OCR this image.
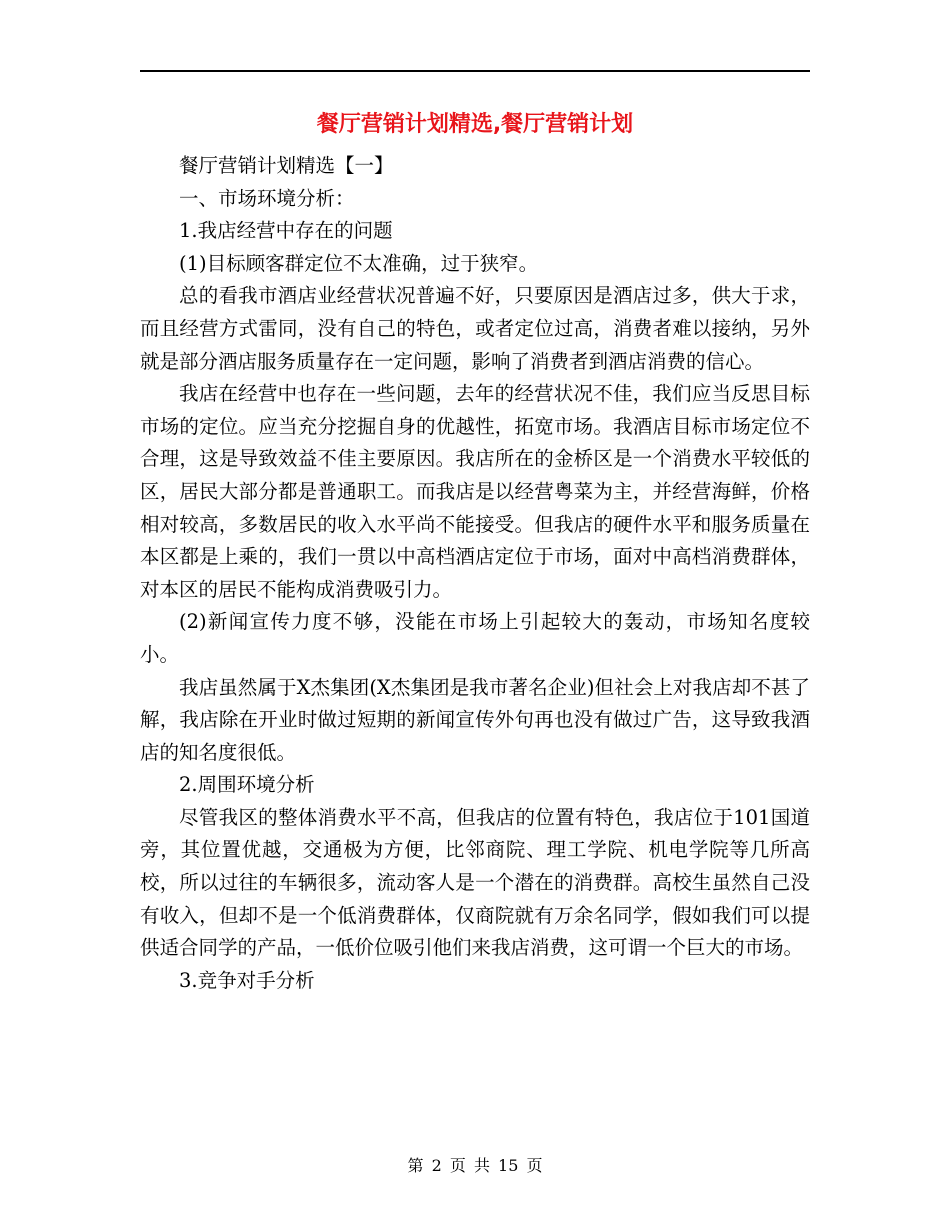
餐厅营销计划精选,餐厅营销计划

餐厅营销计划精选【一】

一、市场环境分析：

1.我店经营中存在的问题

(1)目标顾客群定位不太准确，过于狭窄。

总的看我市酒店业经营状况普遍不好，只要原因是酒店过多，供大于求，而且经营方式雷同，没有自己的特色，或者定位过高，消费者难以接纳，另外就是部分酒店服务质量存在一定问题，影响了消费者到酒店消费的信心。

我店在经营中也存在一些问题，去年的经营状况不佳，我们应当反思目标市场的定位。应当充分挖掘自身的优越性，拓宽市场。我酒店目标市场定位不合理，这是导致效益不佳主要原因。我店所在的金桥区是一个消费水平较低的区，居民大部分都是普通职工。而我店是以经营粤菜为主，并经营海鲜，价格相对较高，多数居民的收入水平尚不能接受。但我店的硬件水平和服务质量在本区都是上乘的，我们一贯以中高档酒店定位于市场，面对中高档消费群体，对本区的居民不能构成消费吸引力。

(2)新闻宣传力度不够，没能在市场上引起较大的轰动，市场知名度较小。

我店虽然属于X杰集团(X杰集团是我市著名企业)但社会上对我店却不甚了解，我店除在开业时做过短期的新闻宣传外句再也没有做过广告，这导致我酒店的知名度很低。

2.周围环境分析

尽管我区的整体消费水平不高，但我店的位置有特色，我店位于101国道旁，其位置优越，交通极为方便，比邻商院、理工学院、机电学院等几所高校，所以过往的车辆很多，流动客人是一个潜在的消费群。高校生虽然自己没有收入，但却不是一个低消费群体，仅商院就有万余名同学，假如我们可以提供适合同学的产品，一低价位吸引他们来我店消费，这可谓一个巨大的市场。

3.竞争对手分析

第 2 页 共 15 页
